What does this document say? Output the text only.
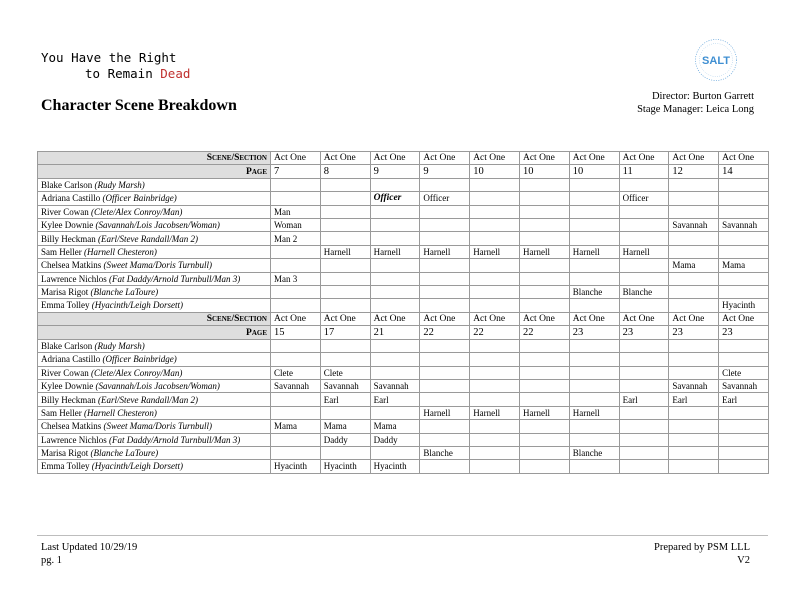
You Have the Right
to Remain Dead
SALT
Character Scene Breakdown
Director: Burton Garrett
Stage Manager: Leica Long
Scene/Section	Act One	Act One	Act One	Act One	Act One	Act One	Act One	Act One	Act One	Act One
Page	7	8	9	9	10	10	10	11	12	14
Blake Carlson (Rudy Marsh)										
Adriana Castillo (Officer Bainbridge)			Officer	Officer				Officer		
River Cowan (Clete/Alex Conroy/Man)	Man									
Kylee Downie (Savannah/Lois Jacobsen/Woman)	Woman								Savannah	Savannah
Billy Heckman (Earl/Steve Randall/Man 2)	Man 2									
Sam Heller (Harnell Chesteron)		Harnell	Harnell	Harnell	Harnell	Harnell	Harnell	Harnell		
Chelsea Matkins (Sweet Mama/Doris Turnbull)									Mama	Mama
Lawrence Nichlos (Fat Daddy/Arnold Turnbull/Man 3)	Man 3									
Marisa Rigot (Blanche LaToure)							Blanche	Blanche		
Emma Tolley (Hyacinth/Leigh Dorsett)										Hyacinth
Scene/Section	Act One	Act One	Act One	Act One	Act One	Act One	Act One	Act One	Act One	Act One
Page	15	17	21	22	22	22	23	23	23	23
Blake Carlson (Rudy Marsh)										
Adriana Castillo (Officer Bainbridge)										
River Cowan (Clete/Alex Conroy/Man)	Clete	Clete								Clete
Kylee Downie (Savannah/Lois Jacobsen/Woman)	Savannah	Savannah	Savannah						Savannah	Savannah
Billy Heckman (Earl/Steve Randall/Man 2)		Earl	Earl					Earl	Earl	Earl
Sam Heller (Harnell Chesteron)				Harnell	Harnell	Harnell	Harnell			
Chelsea Matkins (Sweet Mama/Doris Turnbull)	Mama	Mama	Mama							
Lawrence Nichlos (Fat Daddy/Arnold Turnbull/Man 3)		Daddy	Daddy							
Marisa Rigot (Blanche LaToure)				Blanche			Blanche			
Emma Tolley (Hyacinth/Leigh Dorsett)	Hyacinth	Hyacinth	Hyacinth							
Last Updated 10/29/19
pg. 1
Prepared by PSM LLL
V2
